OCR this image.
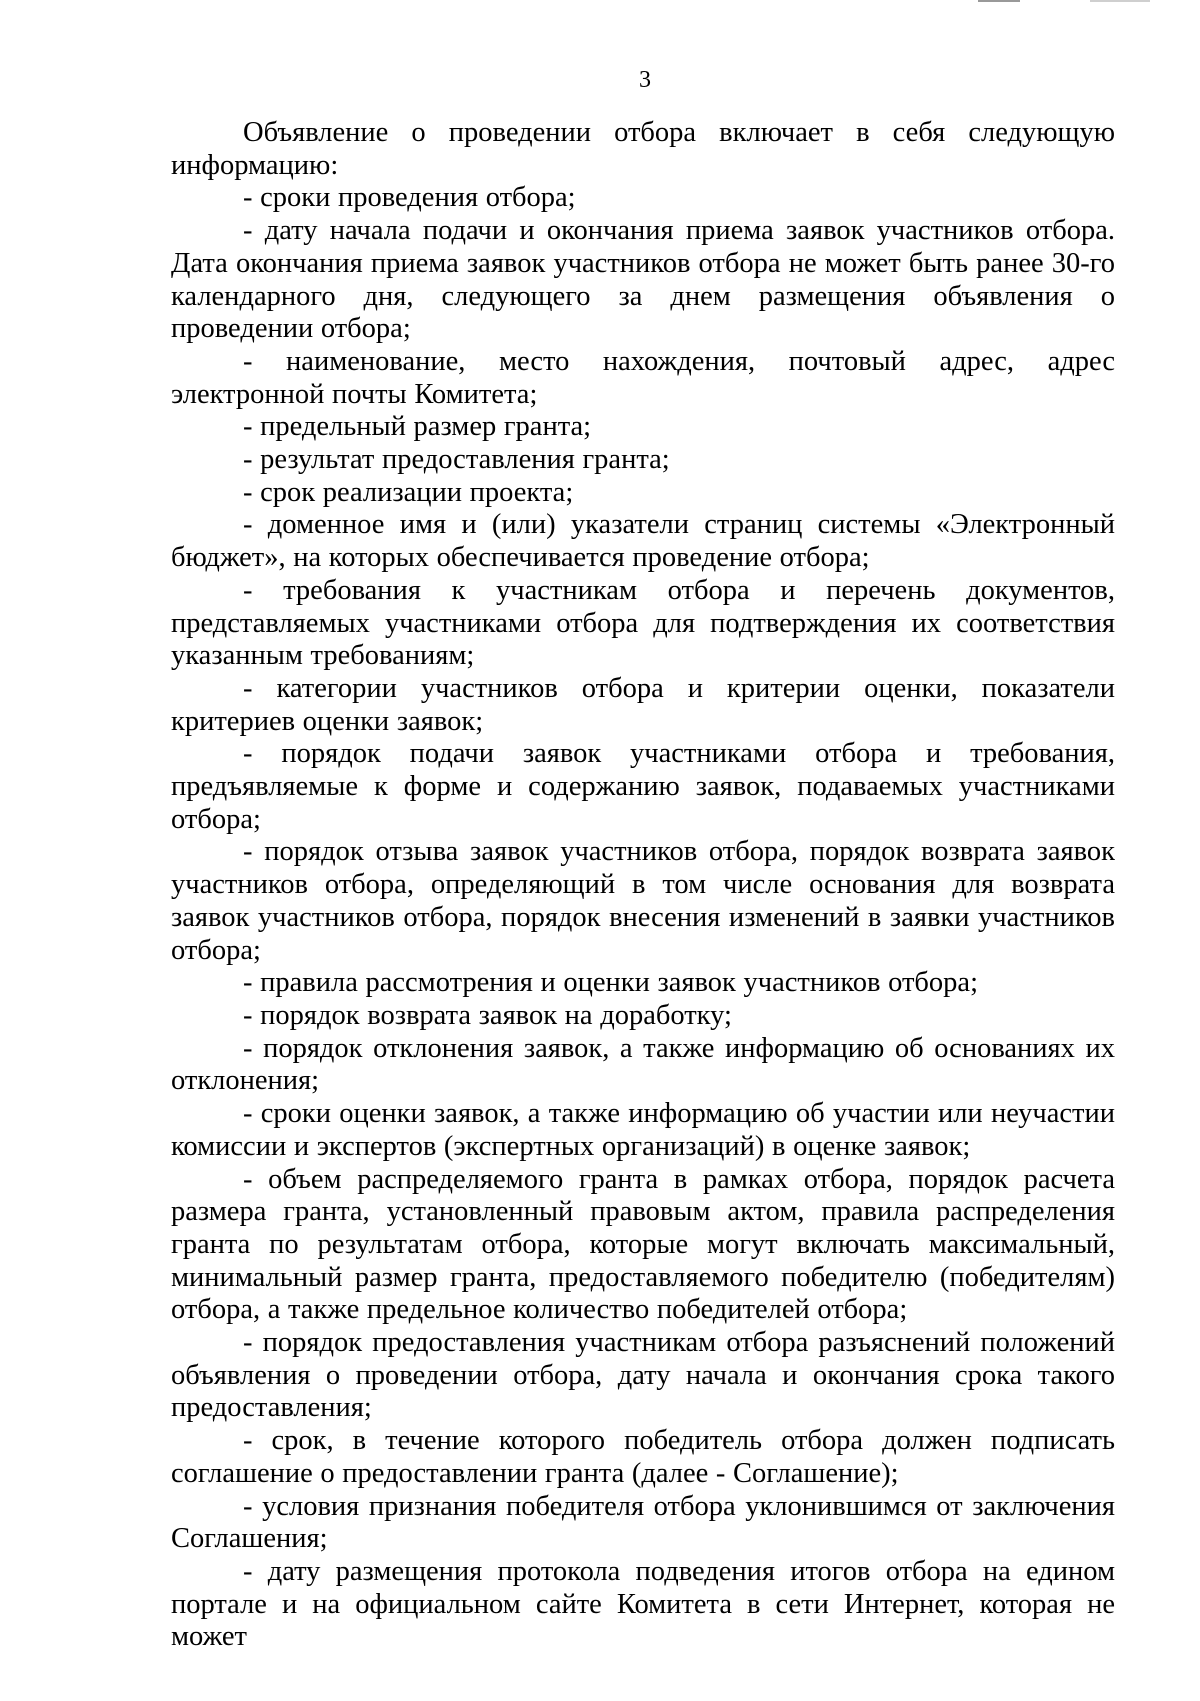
3

Объявление о проведении отбора включает в себя следующую информацию:

- сроки проведения отбора;

- дату начала подачи и окончания приема заявок участников отбора. Дата окончания приема заявок участников отбора не может быть ранее 30-го календарного дня, следующего за днем размещения объявления о проведении отбора;

- наименование, место нахождения, почтовый адрес, адрес электронной почты Комитета;

- предельный размер гранта;

- результат предоставления гранта;

- срок реализации проекта;

- доменное имя и (или) указатели страниц системы «Электронный бюджет», на которых обеспечивается проведение отбора;

- требования к участникам отбора и перечень документов, представляемых участниками отбора для подтверждения их соответствия указанным требованиям;

- категории участников отбора и критерии оценки, показатели критериев оценки заявок;

- порядок подачи заявок участниками отбора и требования, предъявляемые к форме и содержанию заявок, подаваемых участниками отбора;

- порядок отзыва заявок участников отбора, порядок возврата заявок участников отбора, определяющий в том числе основания для возврата заявок участников отбора, порядок внесения изменений в заявки участников отбора;

- правила рассмотрения и оценки заявок участников отбора;

- порядок возврата заявок на доработку;

- порядок отклонения заявок, а также информацию об основаниях их отклонения;

- сроки оценки заявок, а также информацию об участии или неучастии комиссии и экспертов (экспертных организаций) в оценке заявок;

- объем распределяемого гранта в рамках отбора, порядок расчета размера гранта, установленный правовым актом, правила распределения гранта по результатам отбора, которые могут включать максимальный, минимальный размер гранта, предоставляемого победителю (победителям) отбора, а также предельное количество победителей отбора;

- порядок предоставления участникам отбора разъяснений положений объявления о проведении отбора, дату начала и окончания срока такого предоставления;

- срок, в течение которого победитель отбора должен подписать соглашение о предоставлении гранта (далее - Соглашение);

- условия признания победителя отбора уклонившимся от заключения Соглашения;

- дату размещения протокола подведения итогов отбора на едином портале и на официальном сайте Комитета в сети Интернет, которая не может
